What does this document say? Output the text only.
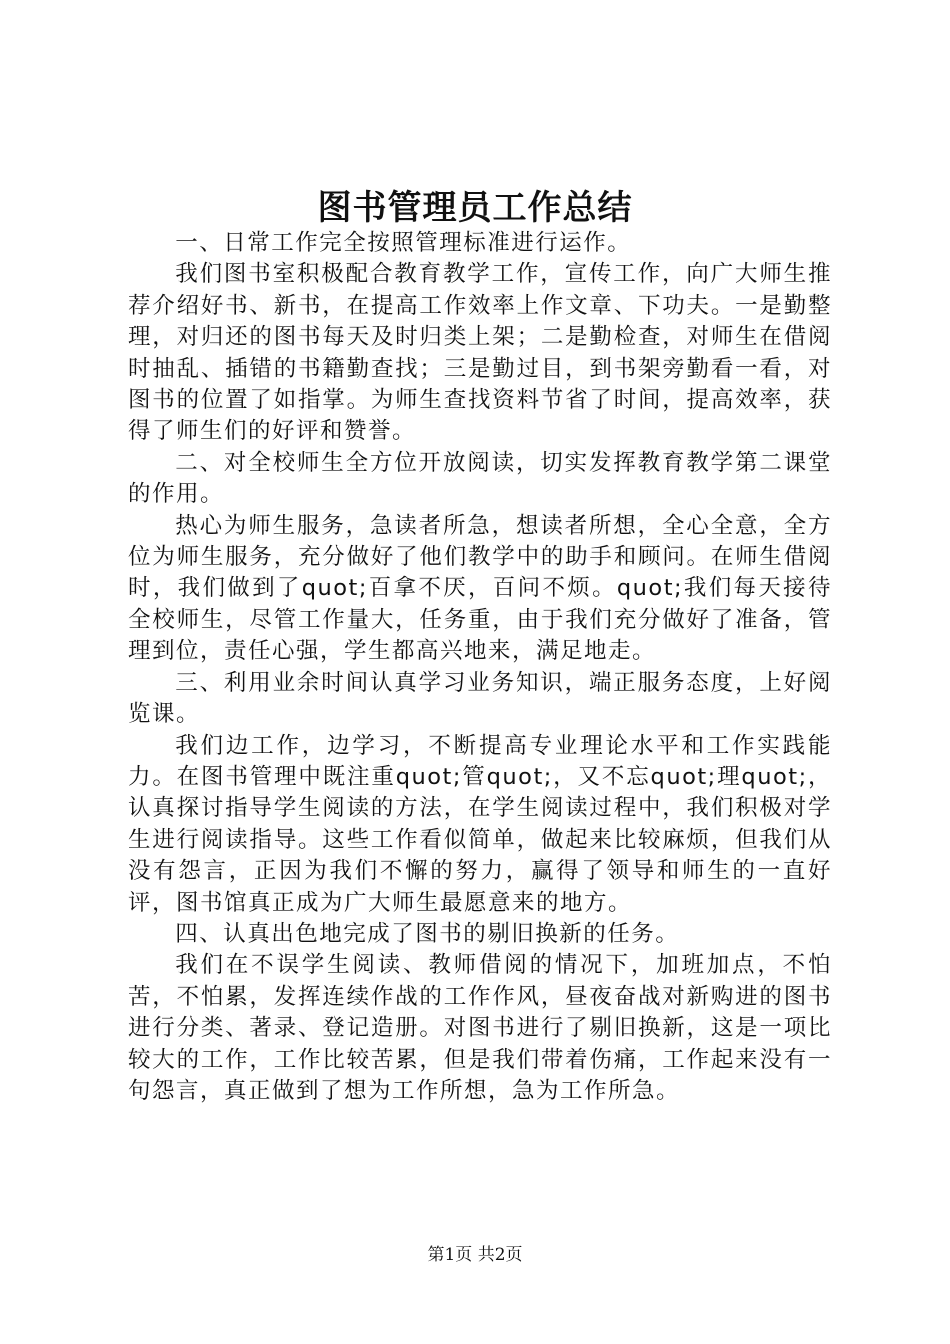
图书管理员工作总结

一、日常工作完全按照管理标准进行运作。

我们图书室积极配合教育教学工作，宣传工作，向广大师生推荐介绍好书、新书，在提高工作效率上作文章、下功夫。一是勤整理，对归还的图书每天及时归类上架；二是勤检查，对师生在借阅时抽乱、插错的书籍勤查找；三是勤过目，到书架旁勤看一看，对图书的位置了如指掌。为师生查找资料节省了时间，提高效率，获得了师生们的好评和赞誉。

二、对全校师生全方位开放阅读，切实发挥教育教学第二课堂的作用。

热心为师生服务，急读者所急，想读者所想，全心全意，全方位为师生服务，充分做好了他们教学中的助手和顾问。在师生借阅时，我们做到了quot;百拿不厌，百问不烦。quot;我们每天接待全校师生，尽管工作量大，任务重，由于我们充分做好了准备，管理到位，责任心强，学生都高兴地来，满足地走。

三、利用业余时间认真学习业务知识，端正服务态度，上好阅览课。

我们边工作，边学习，不断提高专业理论水平和工作实践能力。在图书管理中既注重quot;管quot;，又不忘quot;理quot;，认真探讨指导学生阅读的方法，在学生阅读过程中，我们积极对学生进行阅读指导。这些工作看似简单，做起来比较麻烦，但我们从没有怨言，正因为我们不懈的努力，赢得了领导和师生的一直好评，图书馆真正成为广大师生最愿意来的地方。

四、认真出色地完成了图书的剔旧换新的任务。

我们在不误学生阅读、教师借阅的情况下，加班加点，不怕苦，不怕累，发挥连续作战的工作作风，昼夜奋战对新购进的图书进行分类、著录、登记造册。对图书进行了剔旧换新，这是一项比较大的工作，工作比较苦累，但是我们带着伤痛，工作起来没有一句怨言，真正做到了想为工作所想，急为工作所急。

第1页 共2页
